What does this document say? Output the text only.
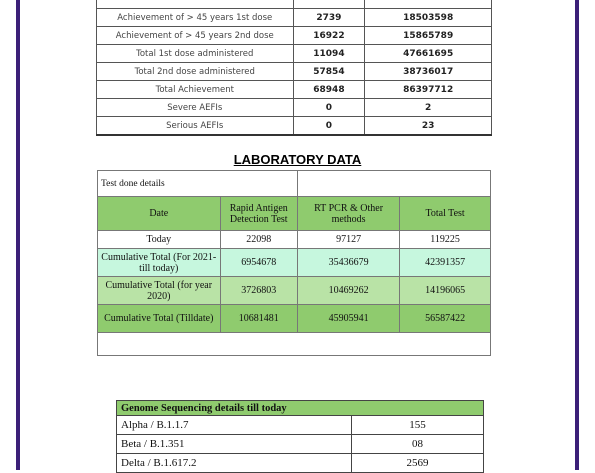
Achievement of > 45 years 1st dose	2739	18503598
Achievement of > 45 years 2nd dose	16922	15865789
Total 1st dose administered	11094	47661695
Total 2nd dose administered	57854	38736017
Total Achievement	68948	86397712
Severe AEFIs	0	2
Serious AEFIs	0	23
LABORATORY DATA
Test done details			
Date	Rapid Antigen Detection Test	RT PCR & Other methods	Total Test
Today	22098	97127	119225
Cumulative Total (For 2021- till today)	6954678	35436679	42391357
Cumulative Total (for year 2020)	3726803	10469262	14196065
Cumulative Total (Tilldate)	10681481	45905941	56587422

Genome Sequencing details till today	
Alpha / B.1.1.7	155
Beta / B.1.351	08
Delta / B.1.617.2	2569
